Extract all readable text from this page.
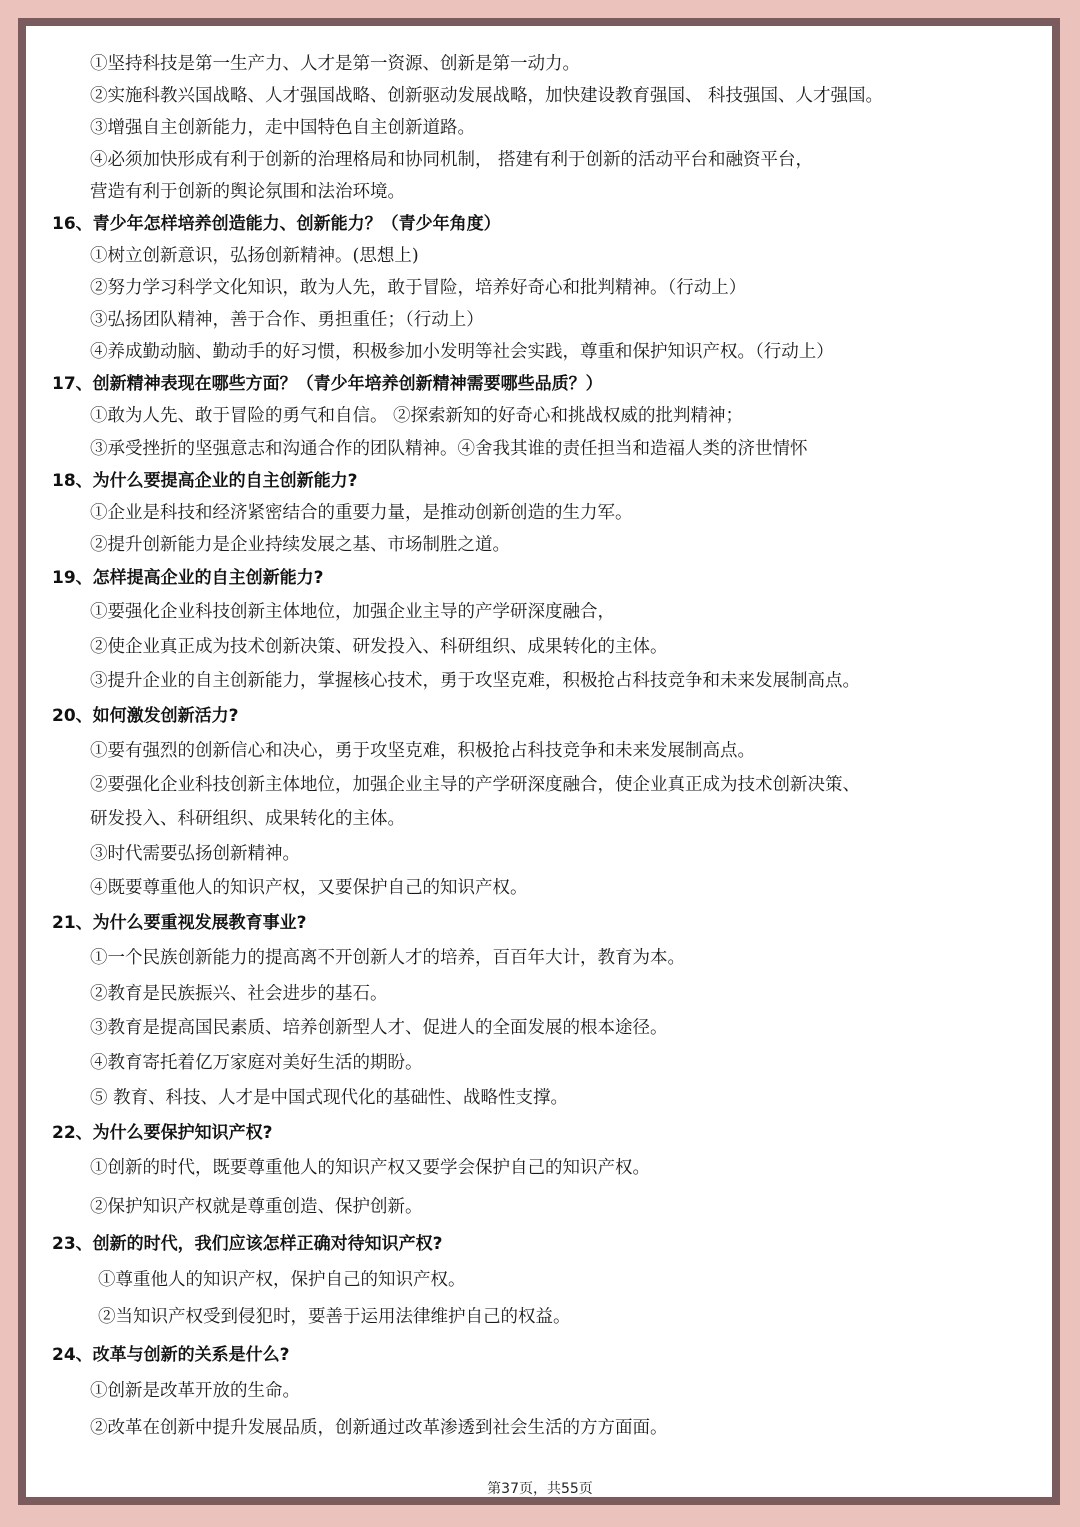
①坚持科技是第一生产力、人才是第一资源、创新是第一动力。
②实施科教兴国战略、人才强国战略、创新驱动发展战略，加快建设教育强国、 科技强国、人才强国。
③增强自主创新能力，走中国特色自主创新道路。
④必须加快形成有利于创新的治理格局和协同机制， 搭建有利于创新的活动平台和融资平台，
营造有利于创新的舆论氛围和法治环境。
16、青少年怎样培养创造能力、创新能力？（青少年角度）
①树立创新意识，弘扬创新精神。(思想上)
②努力学习科学文化知识，敢为人先，敢于冒险，培养好奇心和批判精神。（行动上）
③弘扬团队精神，善于合作、勇担重任；（行动上）
④养成勤动脑、勤动手的好习惯，积极参加小发明等社会实践，尊重和保护知识产权。（行动上）
17、创新精神表现在哪些方面？（青少年培养创新精神需要哪些品质？）
①敢为人先、敢于冒险的勇气和自信。 ②探索新知的好奇心和挑战权威的批判精神；
③承受挫折的坚强意志和沟通合作的团队精神。④舍我其谁的责任担当和造福人类的济世情怀
18、为什么要提高企业的自主创新能力?
①企业是科技和经济紧密结合的重要力量，是推动创新创造的生力军。
②提升创新能力是企业持续发展之基、市场制胜之道。
19、怎样提高企业的自主创新能力?
①要强化企业科技创新主体地位，加强企业主导的产学研深度融合，
②使企业真正成为技术创新决策、研发投入、科研组织、成果转化的主体。
③提升企业的自主创新能力，掌握核心技术，勇于攻坚克难，积极抢占科技竞争和未来发展制高点。
20、如何激发创新活力?
①要有强烈的创新信心和决心，勇于攻坚克难，积极抢占科技竞争和未来发展制高点。
②要强化企业科技创新主体地位，加强企业主导的产学研深度融合，使企业真正成为技术创新决策、
研发投入、科研组织、成果转化的主体。
③时代需要弘扬创新精神。
④既要尊重他人的知识产权，又要保护自己的知识产权。
21、为什么要重视发展教育事业?
①一个民族创新能力的提高离不开创新人才的培养，百百年大计，教育为本。
②教育是民族振兴、社会进步的基石。
③教育是提高国民素质、培养创新型人才、促进人的全面发展的根本途径。
④教育寄托着亿万家庭对美好生活的期盼。
⑤ 教育、科技、人才是中国式现代化的基础性、战略性支撑。
22、为什么要保护知识产权?
①创新的时代，既要尊重他人的知识产权又要学会保护自己的知识产权。
②保护知识产权就是尊重创造、保护创新。
23、创新的时代，我们应该怎样正确对待知识产权?
①尊重他人的知识产权，保护自己的知识产权。
②当知识产权受到侵犯时，要善于运用法律维护自己的权益。
24、改革与创新的关系是什么?
①创新是改革开放的生命。
②改革在创新中提升发展品质，创新通过改革渗透到社会生活的方方面面。
第37页，共55页
